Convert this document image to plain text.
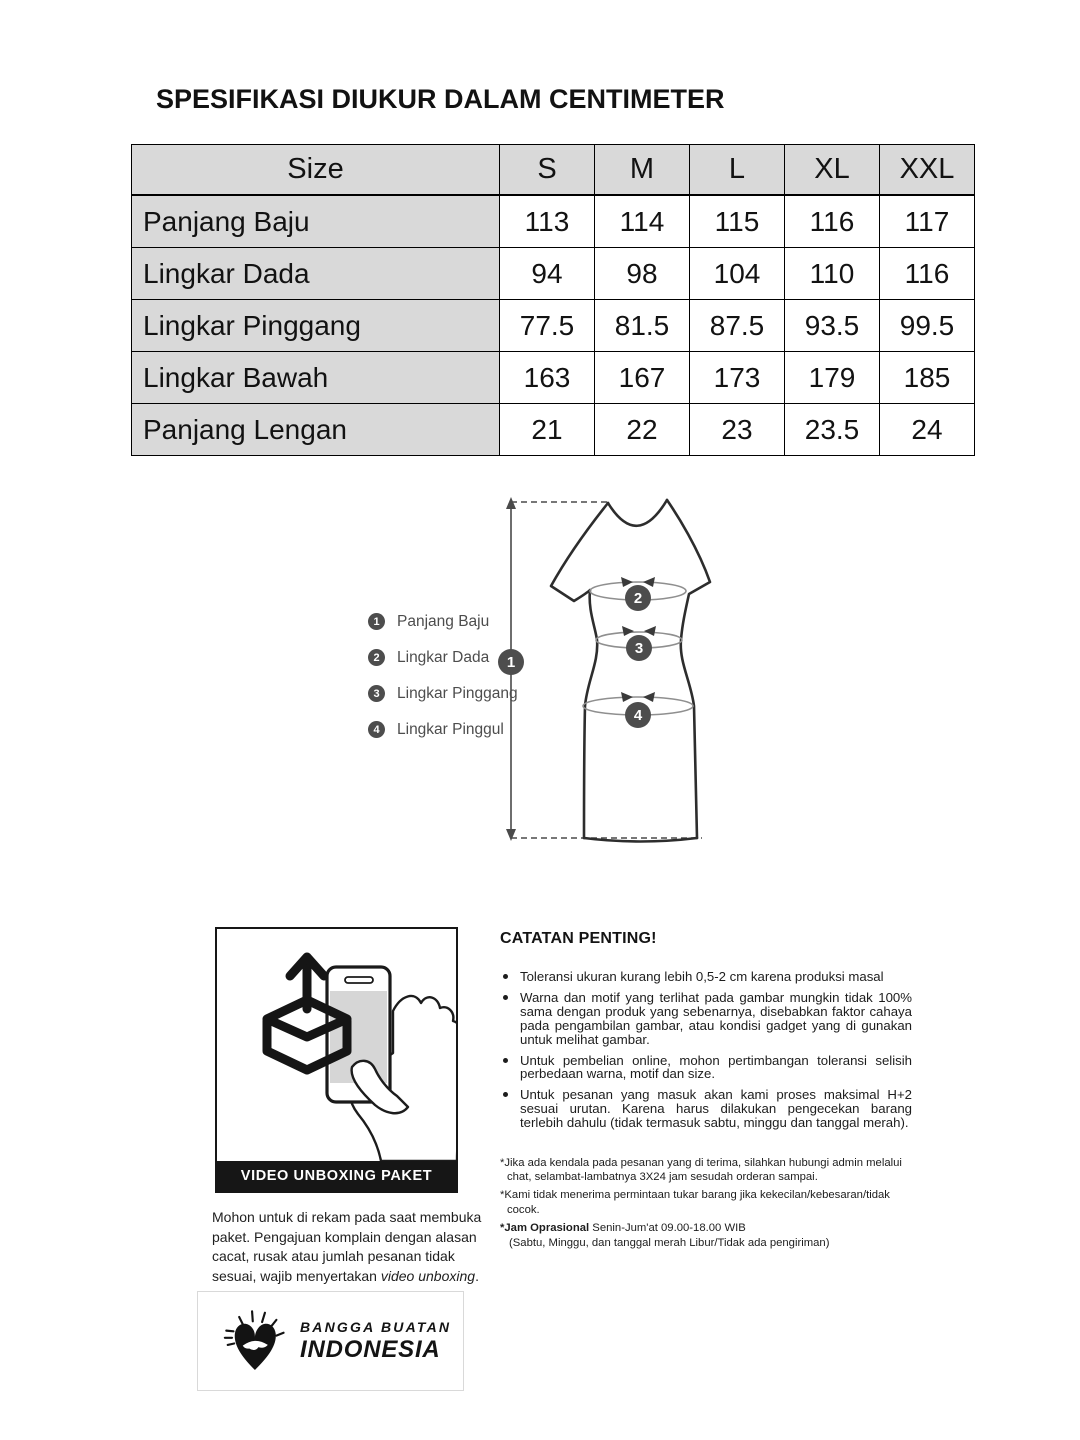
SPESIFIKASI DIUKUR DALAM CENTIMETER
Size	S	M	L	XL	XXL
Panjang Baju	113	114	115	116	117
Lingkar Dada	94	98	104	110	116
Lingkar Pinggang	77.5	81.5	87.5	93.5	99.5
Lingkar Bawah	163	167	173	179	185
Panjang Lengan	21	22	23	23.5	24
1
2
3
4
1	Panjang Baju
2	Lingkar Dada
3	Lingkar Pinggang
4	Lingkar Pinggul
VIDEO UNBOXING PAKET

Mohon untuk di rekam pada saat membuka paket. Pengajuan komplain dengan alasan cacat, rusak atau jumlah pesanan tidak sesuai, wajib menyertakan video unboxing.

CATATAN PENTING!
Toleransi ukuran kurang lebih 0,5-2 cm karena produksi masal
Warna dan motif yang terlihat pada gambar mungkin tidak 100% sama dengan produk yang sebenarnya, disebabkan faktor cahaya pada pengambilan gambar, atau kondisi gadget yang di gunakan untuk melihat gambar.
Untuk pembelian online, mohon pertimbangan toleransi selisih perbedaan warna, motif dan size.
Untuk pesanan yang masuk akan kami proses maksimal H+2 sesuai urutan. Karena harus dilakukan pengecekan barang terlebih dahulu (tidak termasuk sabtu, minggu dan tanggal merah).
*Jika ada kendala pada pesanan yang di terima, silahkan hubungi admin melalui chat, selambat-lambatnya 3X24 jam sesudah orderan sampai.
*Kami tidak menerima permintaan tukar barang jika kekecilan/kebesaran/tidak cocok.
*Jam Oprasional Senin-Jum'at 09.00-18.00 WIB
(Sabtu, Minggu, dan tanggal merah Libur/Tidak ada pengiriman)
BANGGA BUATAN
INDONESIA
